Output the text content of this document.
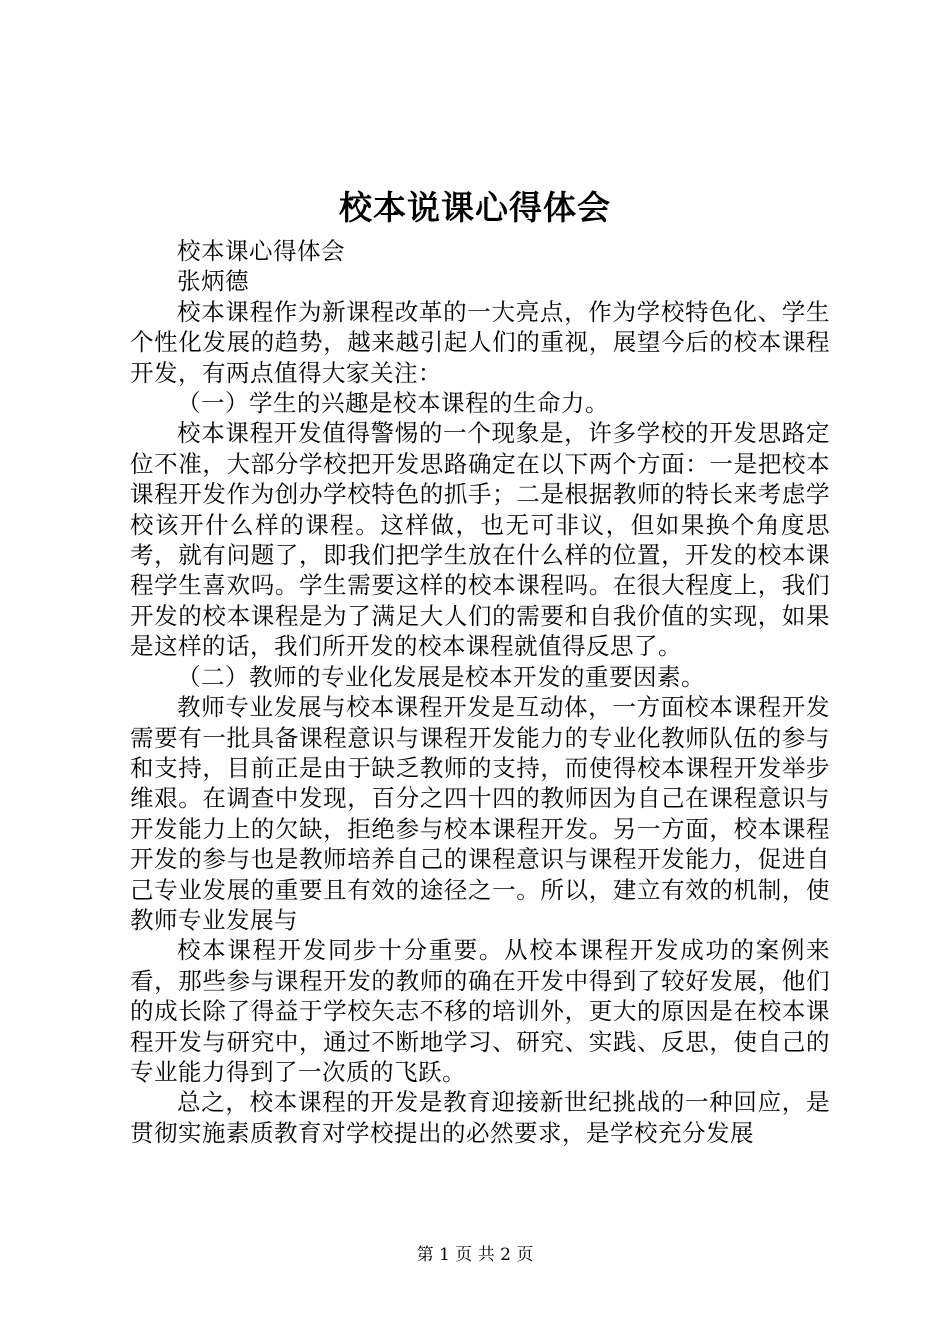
校本说课心得体会

校本课心得体会

张炳德

校本课程作为新课程改革的一大亮点，作为学校特色化、学生个性化发展的趋势，越来越引起人们的重视，展望今后的校本课程开发，有两点值得大家关注：

（一）学生的兴趣是校本课程的生命力。

校本课程开发值得警惕的一个现象是，许多学校的开发思路定位不准，大部分学校把开发思路确定在以下两个方面：一是把校本课程开发作为创办学校特色的抓手；二是根据教师的特长来考虑学校该开什么样的课程。这样做，也无可非议，但如果换个角度思考，就有问题了，即我们把学生放在什么样的位置，开发的校本课程学生喜欢吗。学生需要这样的校本课程吗。在很大程度上，我们开发的校本课程是为了满足大人们的需要和自我价值的实现，如果是这样的话，我们所开发的校本课程就值得反思了。

（二）教师的专业化发展是校本开发的重要因素。

教师专业发展与校本课程开发是互动体，一方面校本课程开发需要有一批具备课程意识与课程开发能力的专业化教师队伍的参与和支持，目前正是由于缺乏教师的支持，而使得校本课程开发举步维艰。在调查中发现，百分之四十四的教师因为自己在课程意识与开发能力上的欠缺，拒绝参与校本课程开发。另一方面，校本课程开发的参与也是教师培养自己的课程意识与课程开发能力，促进自己专业发展的重要且有效的途径之一。所以，建立有效的机制，使教师专业发展与

校本课程开发同步十分重要。从校本课程开发成功的案例来看，那些参与课程开发的教师的确在开发中得到了较好发展，他们的成长除了得益于学校矢志不移的培训外，更大的原因是在校本课程开发与研究中，通过不断地学习、研究、实践、反思，使自己的专业能力得到了一次质的飞跃。

总之，校本课程的开发是教育迎接新世纪挑战的一种回应，是贯彻实施素质教育对学校提出的必然要求，是学校充分发展

第 1 页 共 2 页
